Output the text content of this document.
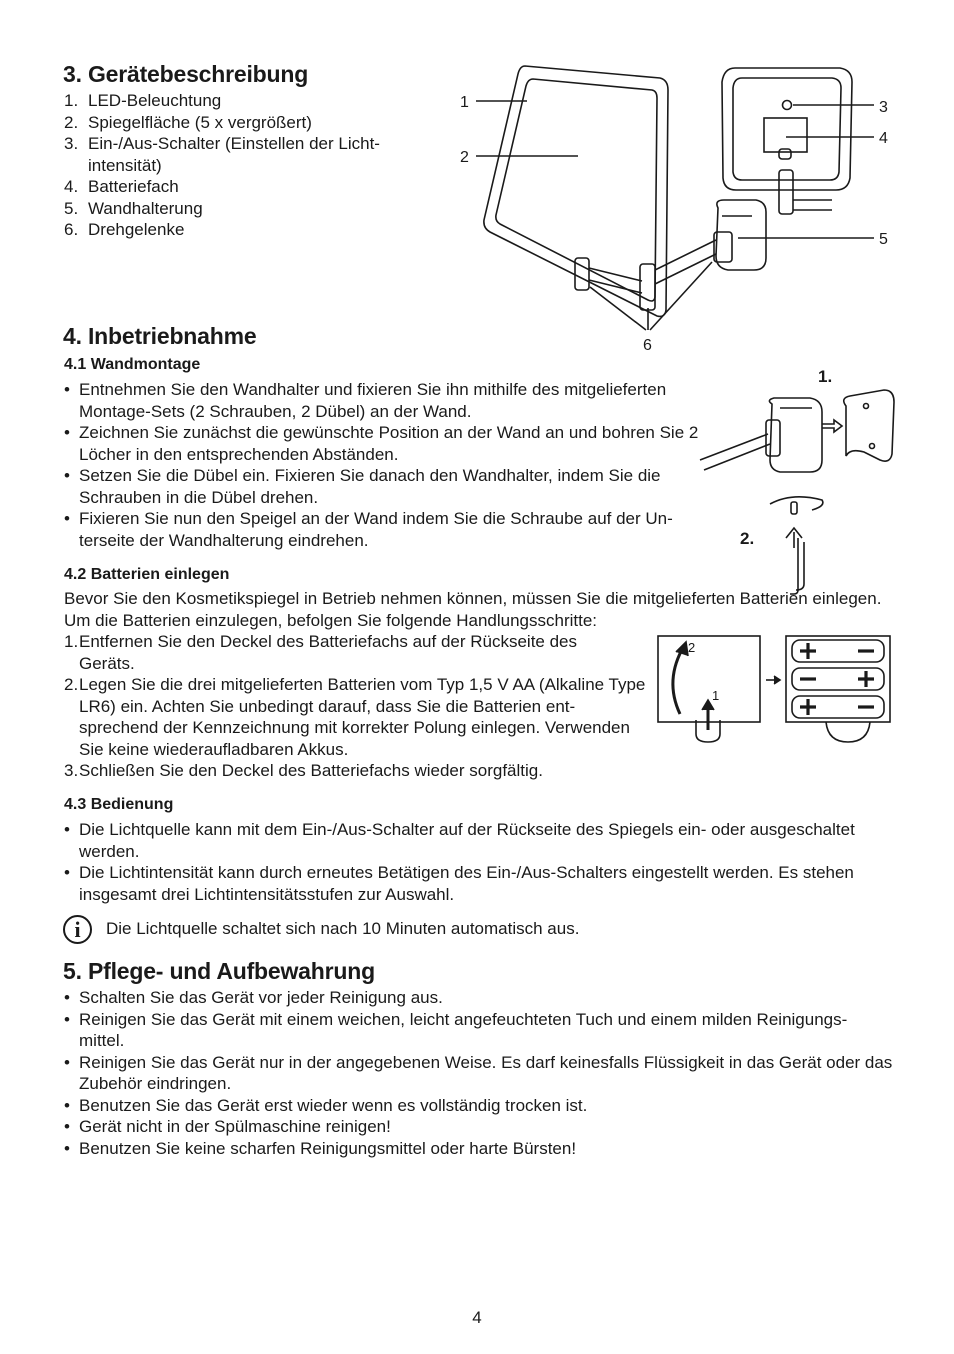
3. Gerätebeschreibung
1. LED-Beleuchtung
2. Spiegelfläche (5 x vergrößert)
3. Ein-/Aus-Schalter (Einstellen der Licht-intensität)
4. Batteriefach
5. Wandhalterung
6. Drehgelenke
1
2
3
4
5
6
4. Inbetriebnahme
4.1 Wandmontage
• Entnehmen Sie den Wandhalter und fixieren Sie ihn mithilfe des mitgelieferten Montage-Sets (2 Schrauben, 2 Dübel) an der Wand.
• Zeichnen Sie zunächst die gewünschte Position an der Wand an und bohren Sie 2 Löcher in den entsprechenden Abständen.
• Setzen Sie die Dübel ein. Fixieren Sie danach den Wandhalter, indem Sie die Schrauben in die Dübel drehen.
• Fixieren Sie nun den Speigel an der Wand indem Sie die Schraube auf der Un-terseite der Wandhalterung eindrehen.
1.
2.
4.2 Batterien einlegen
Bevor Sie den Kosmetikspiegel in Betrieb nehmen können, müssen Sie die mitgelieferten Batterien einlegen. Um die Batterien einzulegen, befolgen Sie folgende Handlungsschritte:
1. Entfernen Sie den Deckel des Batteriefachs auf der Rückseite des Geräts.
2. Legen Sie die drei mitgelieferten Batterien vom Typ 1,5 V AA (Alkaline Type LR6) ein. Achten Sie unbedingt darauf, dass Sie die Batterien ent-sprechend der Kennzeichnung mit korrekter Polung einlegen. Verwenden Sie keine wiederaufladbaren Akkus.
3. Schließen Sie den Deckel des Batteriefachs wieder sorgfältig.
2
1
4.3 Bedienung
• Die Lichtquelle kann mit dem Ein-/Aus-Schalter auf der Rückseite des Spiegels ein- oder ausgeschaltet werden.
• Die Lichtintensität kann durch erneutes Betätigen des Ein-/Aus-Schalters eingestellt werden. Es stehen insgesamt drei Lichtintensitätsstufen zur Auswahl.
i	Die Lichtquelle schaltet sich nach 10 Minuten automatisch aus.
5. Pflege- und Aufbewahrung
• Schalten Sie das Gerät vor jeder Reinigung aus.
• Reinigen Sie das Gerät mit einem weichen, leicht angefeuchteten Tuch und einem milden Reinigungs-mittel.
• Reinigen Sie das Gerät nur in der angegebenen Weise. Es darf keinesfalls Flüssigkeit in das Gerät oder das Zubehör eindringen.
• Benutzen Sie das Gerät erst wieder wenn es vollständig trocken ist.
• Gerät nicht in der Spülmaschine reinigen!
• Benutzen Sie keine scharfen Reinigungsmittel oder harte Bürsten!
4
